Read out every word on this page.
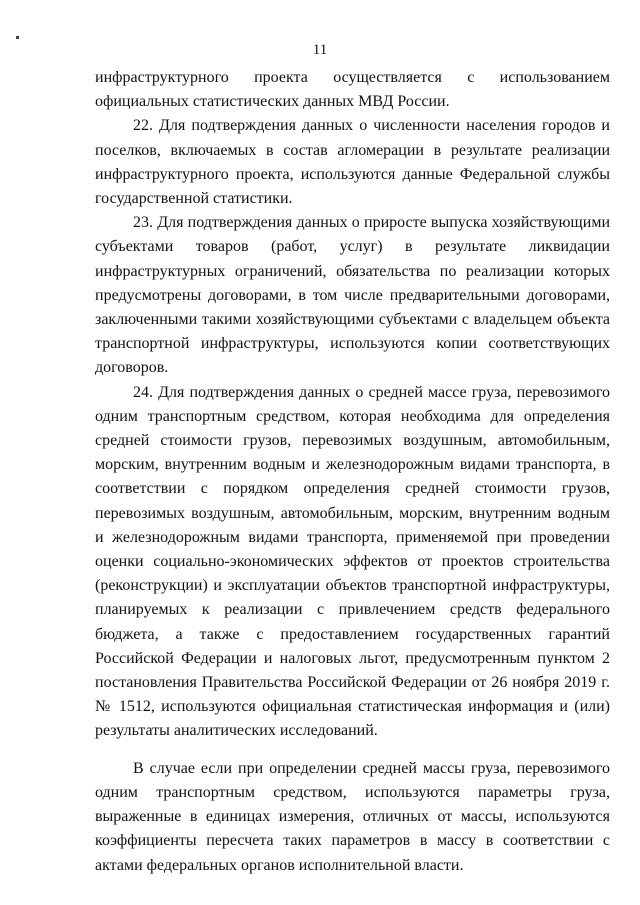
11

инфраструктурного проекта осуществляется с использованием официальных статистических данных МВД России.

22. Для подтверждения данных о численности населения городов и поселков, включаемых в состав агломерации в результате реализации инфраструктурного проекта, используются данные Федеральной службы государственной статистики.

23. Для подтверждения данных о приросте выпуска хозяйствующими субъектами товаров (работ, услуг) в результате ликвидации инфраструктурных ограничений, обязательства по реализации которых предусмотрены договорами, в том числе предварительными договорами, заключенными такими хозяйствующими субъектами с владельцем объекта транспортной инфраструктуры, используются копии соответствующих договоров.

24. Для подтверждения данных о средней массе груза, перевозимого одним транспортным средством, которая необходима для определения средней стоимости грузов, перевозимых воздушным, автомобильным, морским, внутренним водным и железнодорожным видами транспорта, в соответствии с порядком определения средней стоимости грузов, перевозимых воздушным, автомобильным, морским, внутренним водным и железнодорожным видами транспорта, применяемой при проведении оценки социально-экономических эффектов от проектов строительства (реконструкции) и эксплуатации объектов транспортной инфраструктуры, планируемых к реализации с привлечением средств федерального бюджета, а также с предоставлением государственных гарантий Российской Федерации и налоговых льгот, предусмотренным пунктом 2 постановления Правительства Российской Федерации от 26 ноября 2019 г. № 1512, используются официальная статистическая информация и (или) результаты аналитических исследований.

В случае если при определении средней массы груза, перевозимого одним транспортным средством, используются параметры груза, выраженные в единицах измерения, отличных от массы, используются коэффициенты пересчета таких параметров в массу в соответствии с актами федеральных органов исполнительной власти.
